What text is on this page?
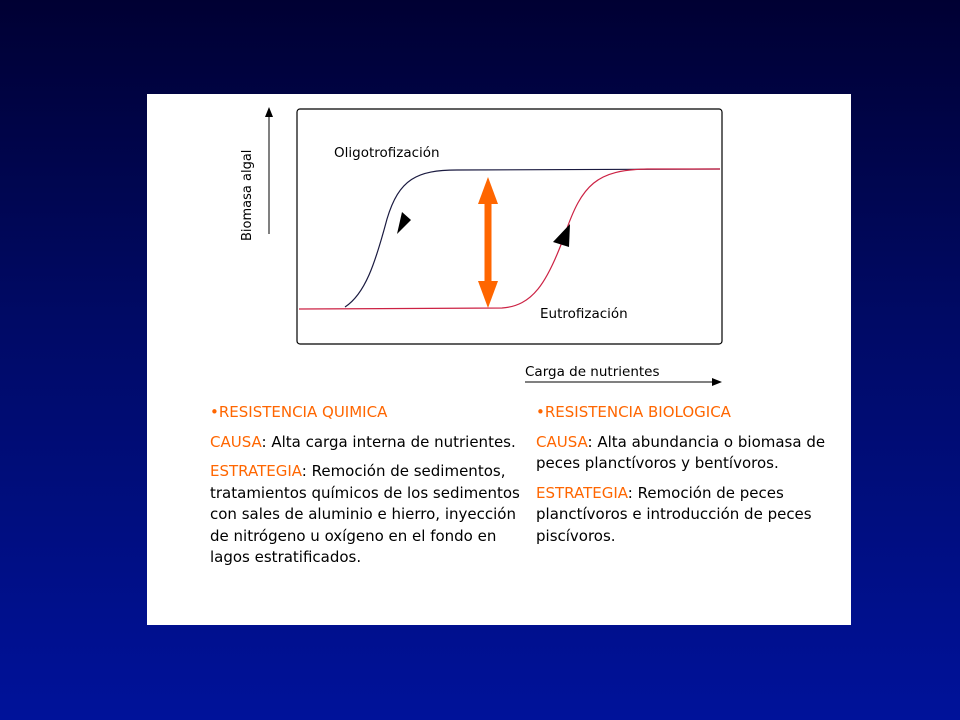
Biomasa algal
Carga de nutrientes
Oligotrofización
Eutrofización

•RESISTENCIA QUIMICA

CAUSA: Alta carga interna de nutrientes.

ESTRATEGIA: Remoción de sedimentos, tratamientos químicos de los sedimentos con sales de aluminio e hierro, inyección de nitrógeno u oxígeno en el fondo en lagos estratificados.

•RESISTENCIA BIOLOGICA

CAUSA: Alta abundancia o biomasa de peces planctívoros y bentívoros.

ESTRATEGIA: Remoción de peces planctívoros e introducción de peces piscívoros.
